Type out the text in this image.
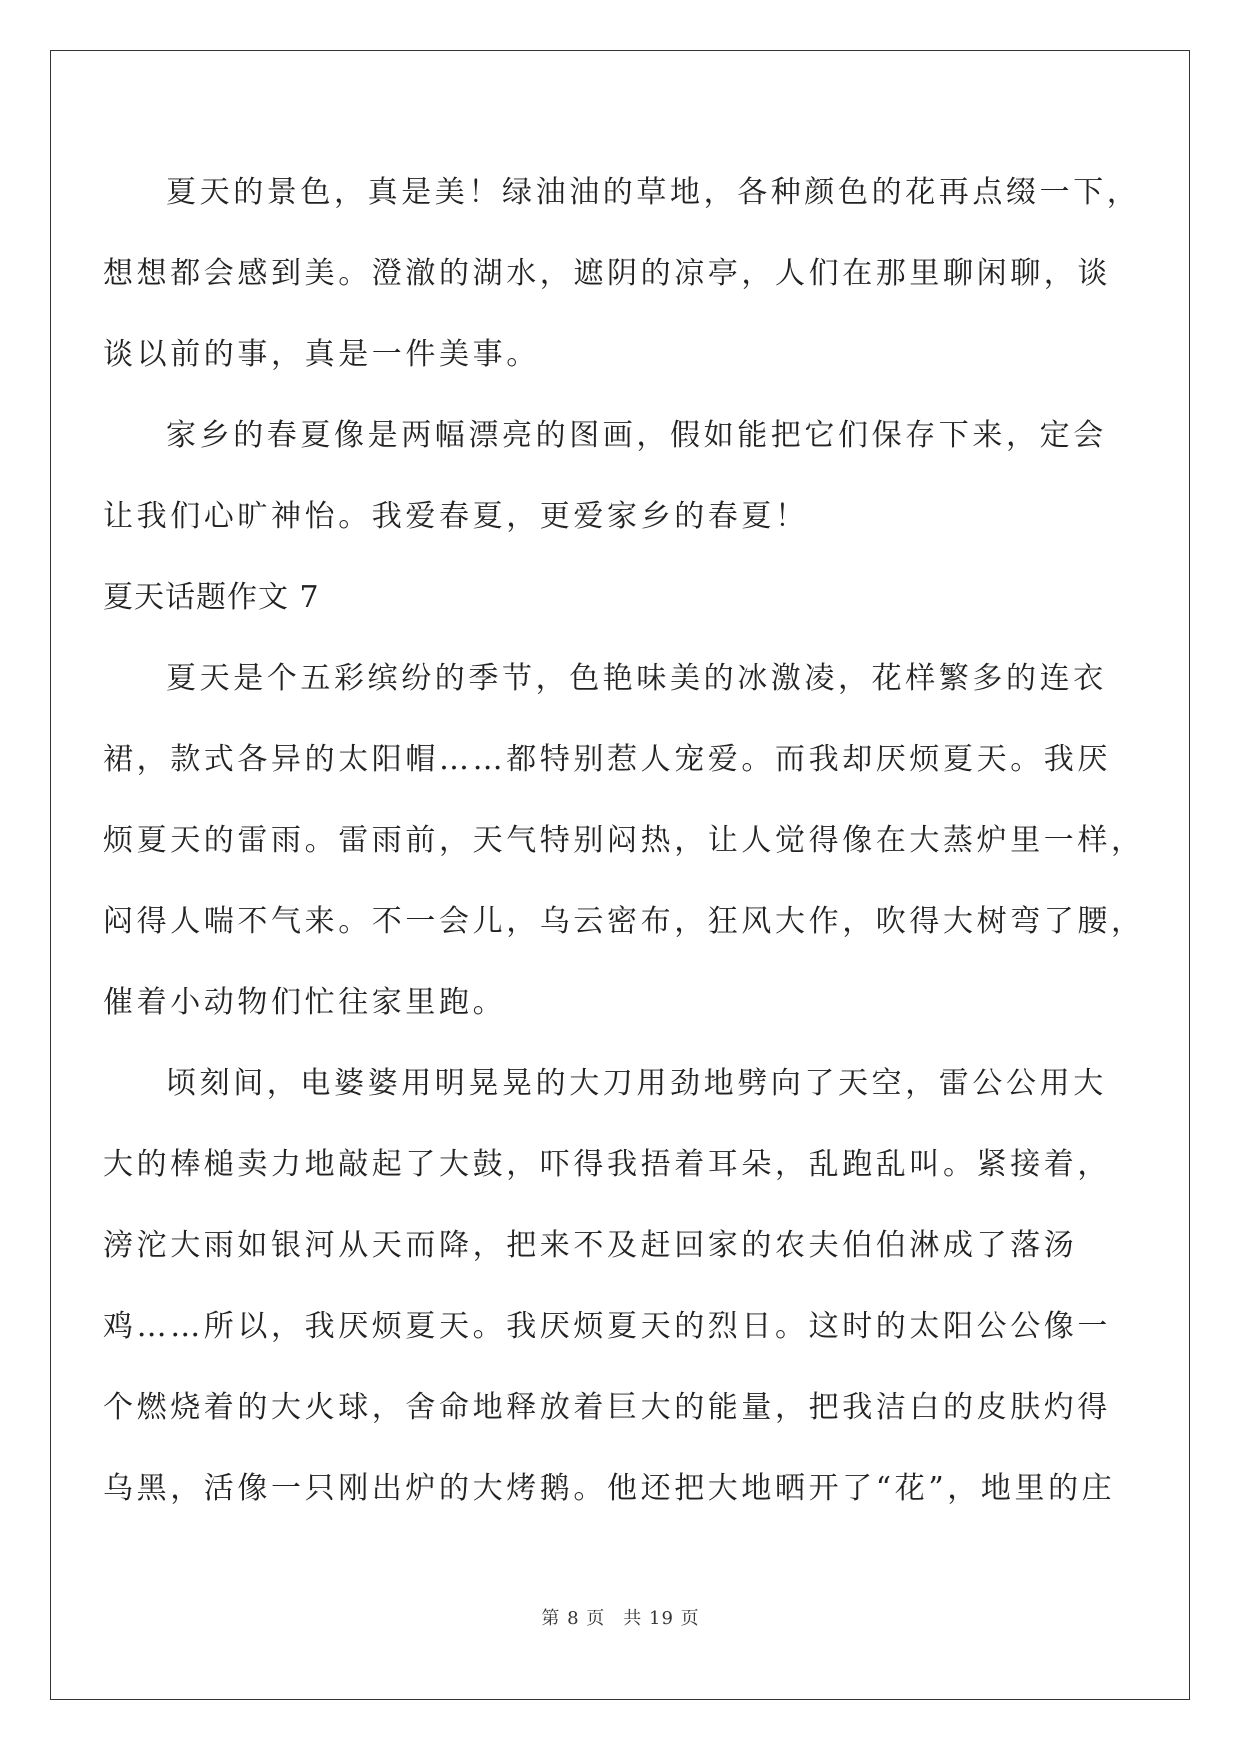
夏天的景色，真是美！绿油油的草地，各种颜色的花再点缀一下，
想想都会感到美。澄澈的湖水，遮阴的凉亭，人们在那里聊闲聊，谈
谈以前的事，真是一件美事。
家乡的春夏像是两幅漂亮的图画，假如能把它们保存下来，定会
让我们心旷神怡。我爱春夏，更爱家乡的春夏！
夏天话题作文 7
夏天是个五彩缤纷的季节，色艳味美的冰激凌，花样繁多的连衣
裙，款式各异的太阳帽……都特别惹人宠爱。而我却厌烦夏天。我厌
烦夏天的雷雨。雷雨前，天气特别闷热，让人觉得像在大蒸炉里一样，
闷得人喘不气来。不一会儿，乌云密布，狂风大作，吹得大树弯了腰，
催着小动物们忙往家里跑。
顷刻间，电婆婆用明晃晃的大刀用劲地劈向了天空，雷公公用大
大的棒槌卖力地敲起了大鼓，吓得我捂着耳朵，乱跑乱叫。紧接着，
滂沱大雨如银河从天而降，把来不及赶回家的农夫伯伯淋成了落汤
鸡……所以，我厌烦夏天。我厌烦夏天的烈日。这时的太阳公公像一
个燃烧着的大火球，舍命地释放着巨大的能量，把我洁白的皮肤灼得
乌黑，活像一只刚出炉的大烤鹅。他还把大地晒开了“花”，地里的庄
第 8 页 共 19 页
